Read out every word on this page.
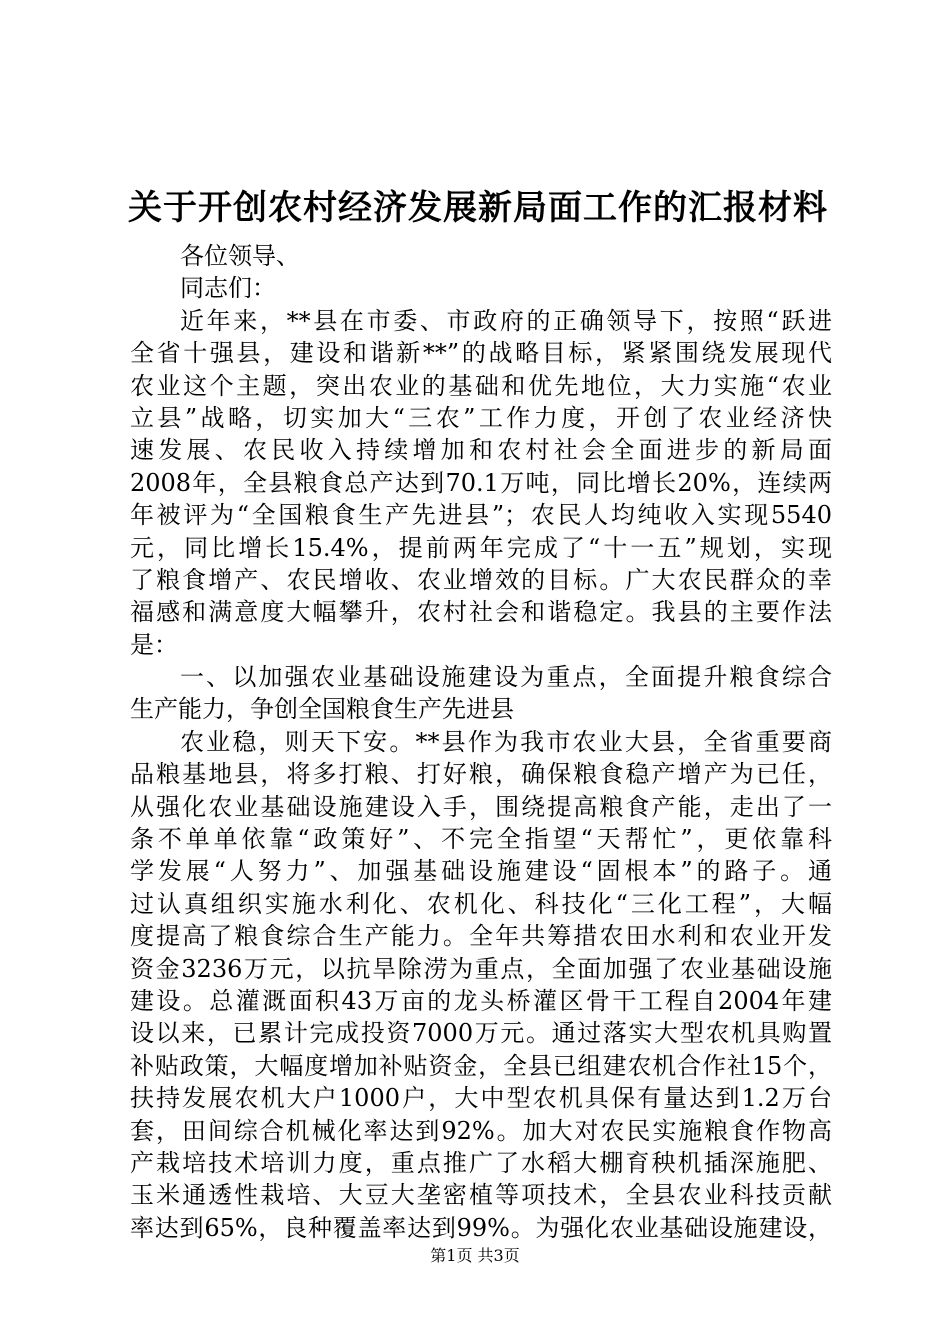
关于开创农村经济发展新局面工作的汇报材料
各位领导、
同志们：
近年来，**县在市委、市政府的正确领导下，按照“跃进
全省十强县，建设和谐新**”的战略目标，紧紧围绕发展现代
农业这个主题，突出农业的基础和优先地位，大力实施“农业
立县”战略，切实加大“三农”工作力度，开创了农业经济快
速发展、农民收入持续增加和农村社会全面进步的新局面
2008年，全县粮食总产达到70.1万吨，同比增长20%，连续两
年被评为“全国粮食生产先进县”；农民人均纯收入实现5540
元，同比增长15.4%，提前两年完成了“十一五”规划，实现
了粮食增产、农民增收、农业增效的目标。广大农民群众的幸
福感和满意度大幅攀升，农村社会和谐稳定。我县的主要作法
是：
一、以加强农业基础设施建设为重点，全面提升粮食综合
生产能力，争创全国粮食生产先进县
农业稳，则天下安。**县作为我市农业大县，全省重要商
品粮基地县，将多打粮、打好粮，确保粮食稳产增产为已任，
从强化农业基础设施建设入手，围绕提高粮食产能，走出了一
条不单单依靠“政策好”、不完全指望“天帮忙”，更依靠科
学发展“人努力”、加强基础设施建设“固根本”的路子。通
过认真组织实施水利化、农机化、科技化“三化工程”，大幅
度提高了粮食综合生产能力。全年共筹措农田水利和农业开发
资金3236万元，以抗旱除涝为重点，全面加强了农业基础设施
建设。总灌溉面积43万亩的龙头桥灌区骨干工程自2004年建
设以来，已累计完成投资7000万元。通过落实大型农机具购置
补贴政策，大幅度增加补贴资金，全县已组建农机合作社15个，
扶持发展农机大户1000户，大中型农机具保有量达到1.2万台
套，田间综合机械化率达到92%。加大对农民实施粮食作物高
产栽培技术培训力度，重点推广了水稻大棚育秧机插深施肥、
玉米通透性栽培、大豆大垄密植等项技术，全县农业科技贡献
率达到65%，良种覆盖率达到99%。为强化农业基础设施建设，
第1页 共3页
